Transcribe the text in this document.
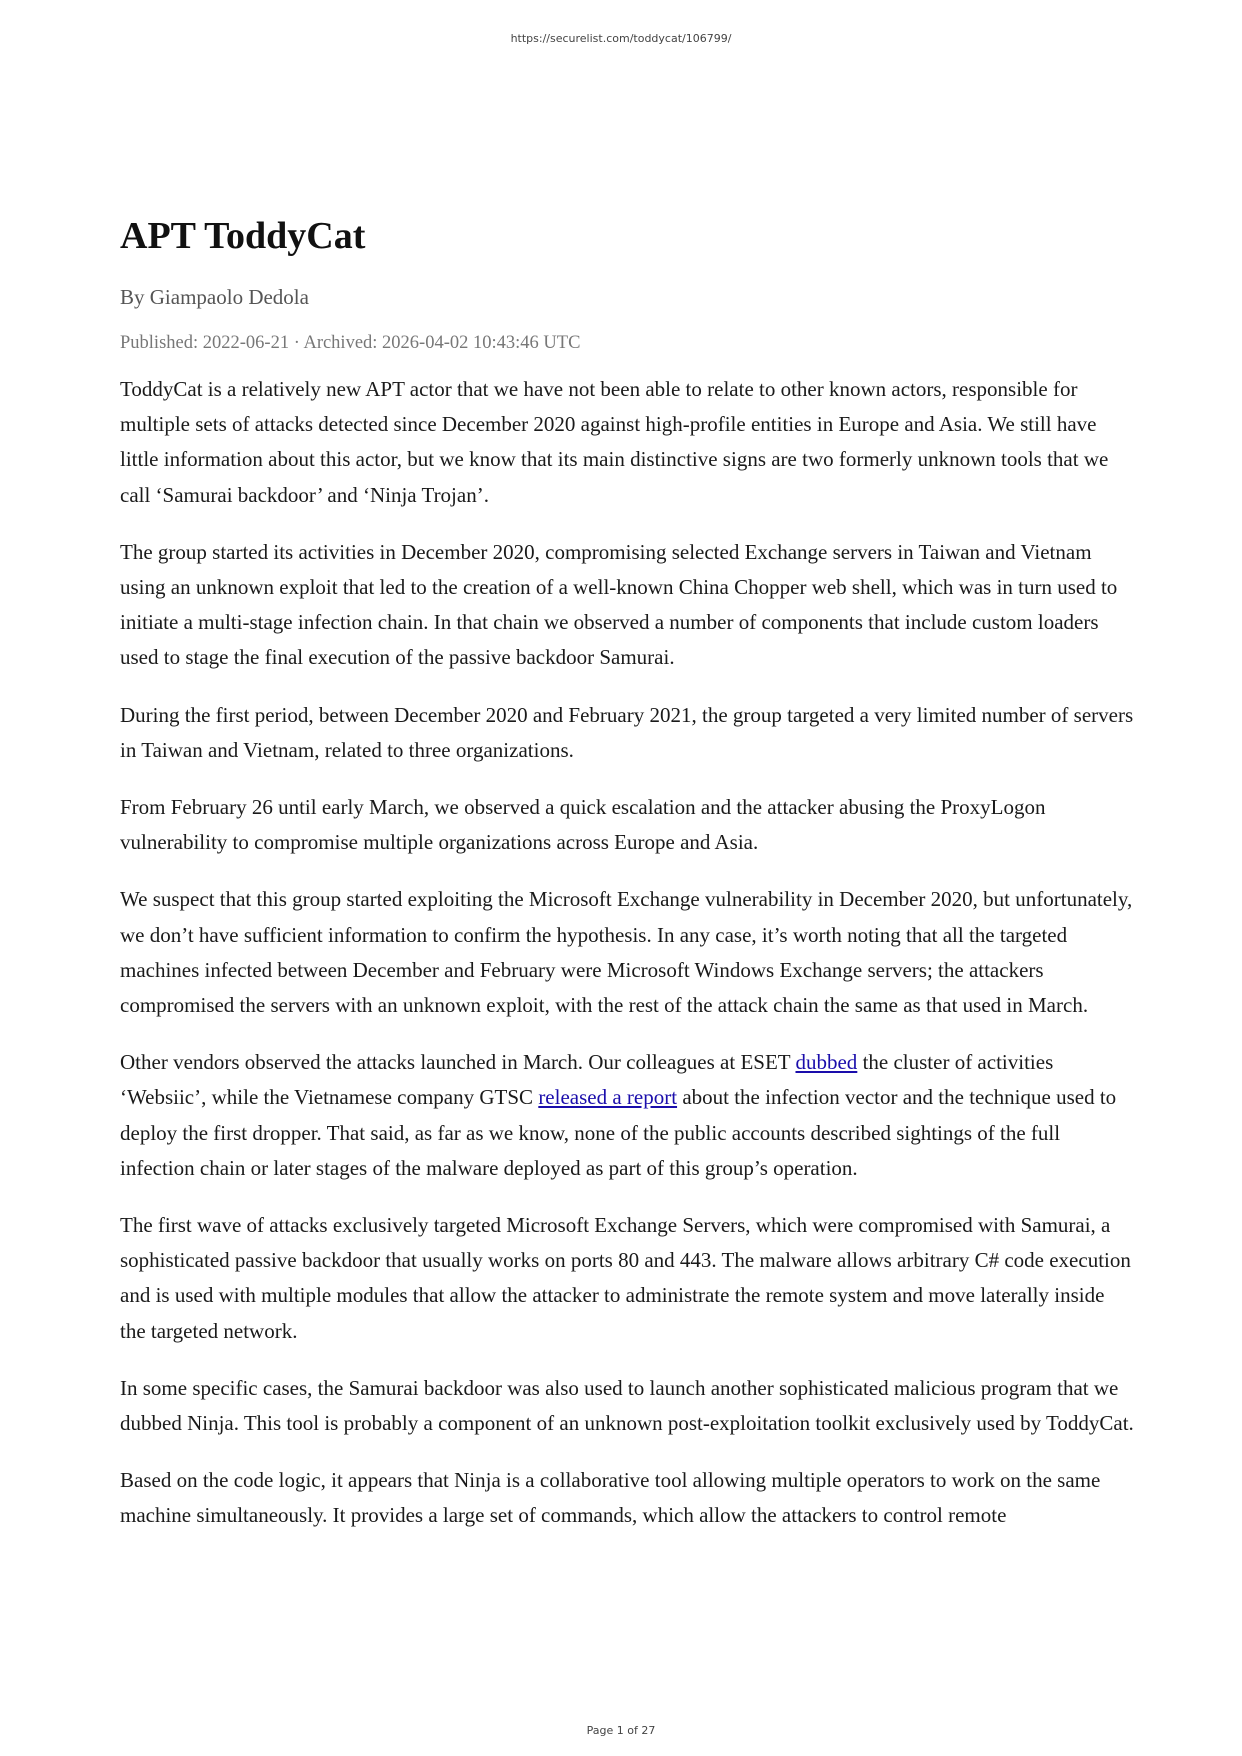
https://securelist.com/toddycat/106799/
APT ToddyCat
By Giampaolo Dedola
Published: 2022-06-21 · Archived: 2026-04-02 10:43:46 UTC

ToddyCat is a relatively new APT actor that we have not been able to relate to other known actors, responsible for multiple sets of attacks detected since December 2020 against high-profile entities in Europe and Asia. We still have little information about this actor, but we know that its main distinctive signs are two formerly unknown tools that we call ‘Samurai backdoor’ and ‘Ninja Trojan’.

The group started its activities in December 2020, compromising selected Exchange servers in Taiwan and Vietnam using an unknown exploit that led to the creation of a well-known China Chopper web shell, which was in turn used to initiate a multi-stage infection chain. In that chain we observed a number of components that include custom loaders used to stage the final execution of the passive backdoor Samurai.

During the first period, between December 2020 and February 2021, the group targeted a very limited number of servers in Taiwan and Vietnam, related to three organizations.

From February 26 until early March, we observed a quick escalation and the attacker abusing the ProxyLogon vulnerability to compromise multiple organizations across Europe and Asia.

We suspect that this group started exploiting the Microsoft Exchange vulnerability in December 2020, but unfortunately, we don’t have sufficient information to confirm the hypothesis. In any case, it’s worth noting that all the targeted machines infected between December and February were Microsoft Windows Exchange servers; the attackers compromised the servers with an unknown exploit, with the rest of the attack chain the same as that used in March.

Other vendors observed the attacks launched in March. Our colleagues at ESET dubbed the cluster of activities ‘Websiic’, while the Vietnamese company GTSC released a report about the infection vector and the technique used to deploy the first dropper. That said, as far as we know, none of the public accounts described sightings of the full infection chain or later stages of the malware deployed as part of this group’s operation.

The first wave of attacks exclusively targeted Microsoft Exchange Servers, which were compromised with Samurai, a sophisticated passive backdoor that usually works on ports 80 and 443. The malware allows arbitrary C# code execution and is used with multiple modules that allow the attacker to administrate the remote system and move laterally inside the targeted network.

In some specific cases, the Samurai backdoor was also used to launch another sophisticated malicious program that we dubbed Ninja. This tool is probably a component of an unknown post-exploitation toolkit exclusively used by ToddyCat.

Based on the code logic, it appears that Ninja is a collaborative tool allowing multiple operators to work on the same machine simultaneously. It provides a large set of commands, which allow the attackers to control remote

Page 1 of 27
